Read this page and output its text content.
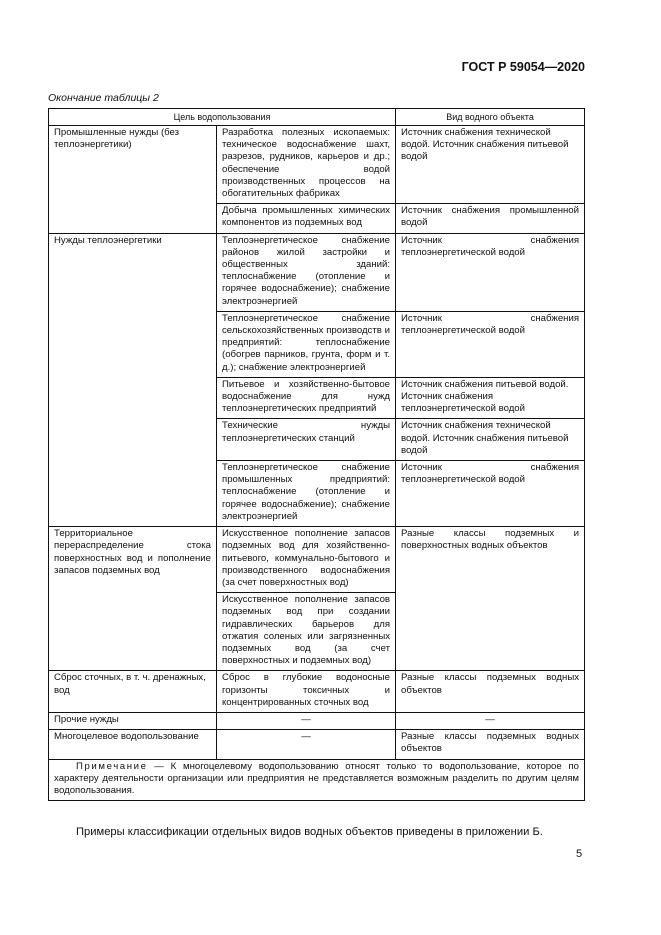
ГОСТ Р 59054—2020
Окончание таблицы 2
Цель водопользования		Вид водного объекта
Промышленные нужды (без теплоэнергетики)	Разработка полезных ископаемых: техническое водоснабжение шахт, разрезов, рудников, карьеров и др.; обеспечение водой производственных процессов на обогатительных фабриках	Источник снабжения технической водой. Источник снабжения питьевой водой
	Добыча промышленных химических компонентов из подземных вод	Источник снабжения промышленной водой
Нужды теплоэнергетики	Теплоэнергетическое снабжение районов жилой застройки и общественных зданий: теплоснабжение (отопление и горячее водоснабжение); снабжение электроэнергией	Источник снабжения теплоэнергетической водой
	Теплоэнергетическое снабжение сельскохозяйственных производств и предприятий: теплоснабжение (обогрев парников, грунта, форм и т. д.); снабжение электроэнергией	Источник снабжения теплоэнергетической водой
	Питьевое и хозяйственно-бытовое водоснабжение для нужд теплоэнергетических предприятий	Источник снабжения питьевой водой. Источник снабжения теплоэнергетической водой
	Технические нужды теплоэнергетических станций	Источник снабжения технической водой. Источник снабжения питьевой водой
	Теплоэнергетическое снабжение промышленных предприятий: теплоснабжение (отопление и горячее водоснабжение); снабжение электроэнергией	Источник снабжения теплоэнергетической водой
Территориальное перераспределение стока поверхностных вод и пополнение запасов подземных вод	Искусственное пополнение запасов подземных вод для хозяйственно-питьевого, коммунально-бытового и производственного водоснабжения (за счет поверхностных вод)	Разные классы подземных и поверхностных водных объектов
	Искусственное пополнение запасов подземных вод при создании гидравлических барьеров для отжатия соленых или загрязненных подземных вод (за счет поверхностных и подземных вод)	
Сброс сточных, в т. ч. дренажных, вод	Сброс в глубокие водоносные горизонты токсичных и концентрированных сточных вод	Разные классы подземных водных объектов
Прочие нужды	—	—
Многоцелевое водопользование	—	Разные классы подземных водных объектов
Примечание — К многоцелевому водопользованию относят только то водопользование, которое по характеру деятельности организации или предприятия не представляется возможным разделить по другим целям водопользования.		
Примеры классификации отдельных видов водных объектов приведены в приложении Б.
5
